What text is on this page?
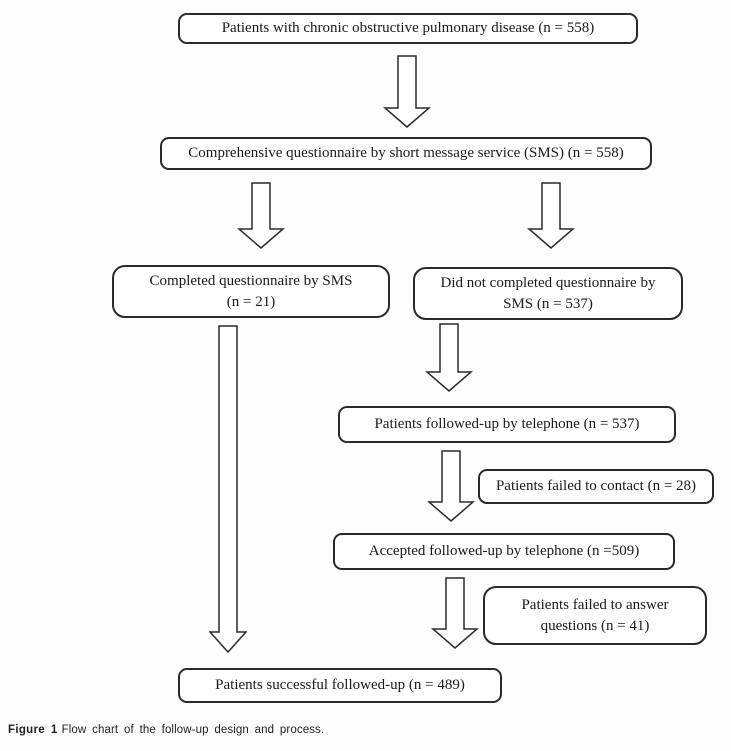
Patients with chronic obstructive pulmonary disease (n = 558)
Comprehensive questionnaire by short message service (SMS) (n = 558)
Completed questionnaire by SMS
(n = 21)
Did not completed questionnaire by
SMS (n = 537)
Patients followed-up by telephone (n = 537)
Patients failed to contact (n = 28)
Accepted followed-up by telephone (n =509)
Patients failed to answer
questions (n = 41)
Patients successful followed-up (n = 489)
Figure 1 Flow chart of the follow-up design and process.
